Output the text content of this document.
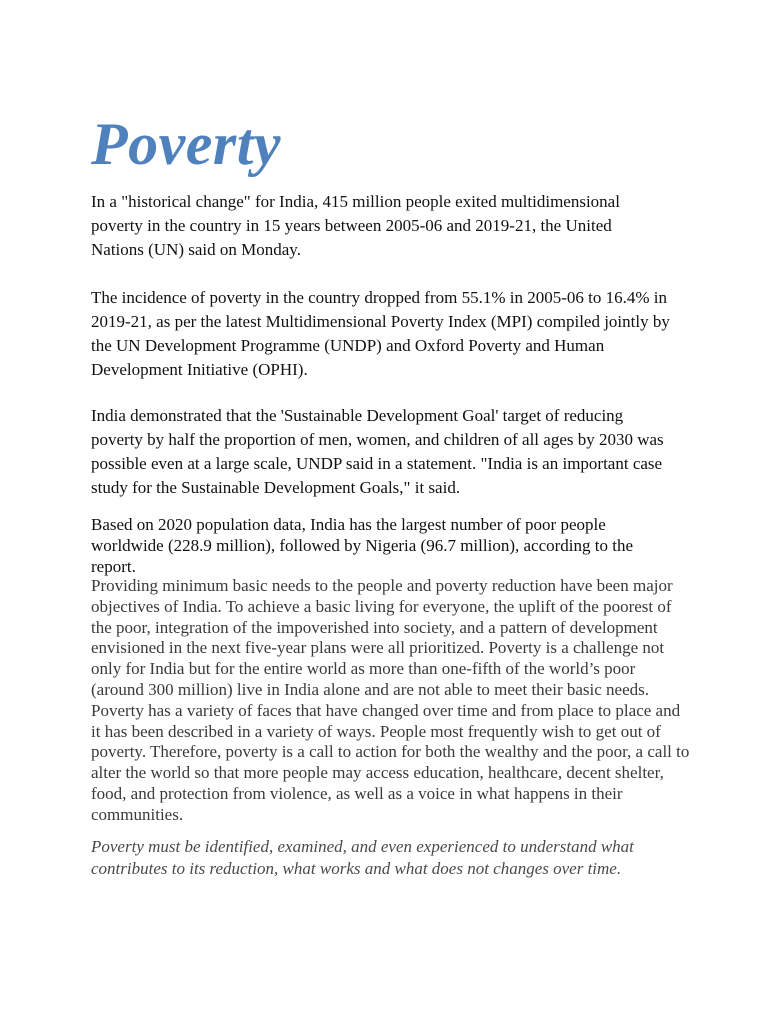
Poverty

In a "historical change" for India, 415 million people exited multidimensional poverty in the country in 15 years between 2005-06 and 2019-21, the United Nations (UN) said on Monday.

The incidence of poverty in the country dropped from 55.1% in 2005-06 to 16.4% in 2019-21, as per the latest Multidimensional Poverty Index (MPI) compiled jointly by the UN Development Programme (UNDP) and Oxford Poverty and Human Development Initiative (OPHI).

India demonstrated that the 'Sustainable Development Goal' target of reducing poverty by half the proportion of men, women, and children of all ages by 2030 was possible even at a large scale, UNDP said in a statement. "India is an important case study for the Sustainable Development Goals," it said.

Based on 2020 population data, India has the largest number of poor people worldwide (228.9 million), followed by Nigeria (96.7 million), according to the report.

Providing minimum basic needs to the people and poverty reduction have been major objectives of India. To achieve a basic living for everyone, the uplift of the poorest of the poor, integration of the impoverished into society, and a pattern of development envisioned in the next five-year plans were all prioritized. Poverty is a challenge not only for India but for the entire world as more than one-fifth of the world’s poor (around 300 million) live in India alone and are not able to meet their basic needs. Poverty has a variety of faces that have changed over time and from place to place and it has been described in a variety of ways. People most frequently wish to get out of poverty. Therefore, poverty is a call to action for both the wealthy and the poor, a call to alter the world so that more people may access education, healthcare, decent shelter, food, and protection from violence, as well as a voice in what happens in their communities.

Poverty must be identified, examined, and even experienced to understand what contributes to its reduction, what works and what does not changes over time.
